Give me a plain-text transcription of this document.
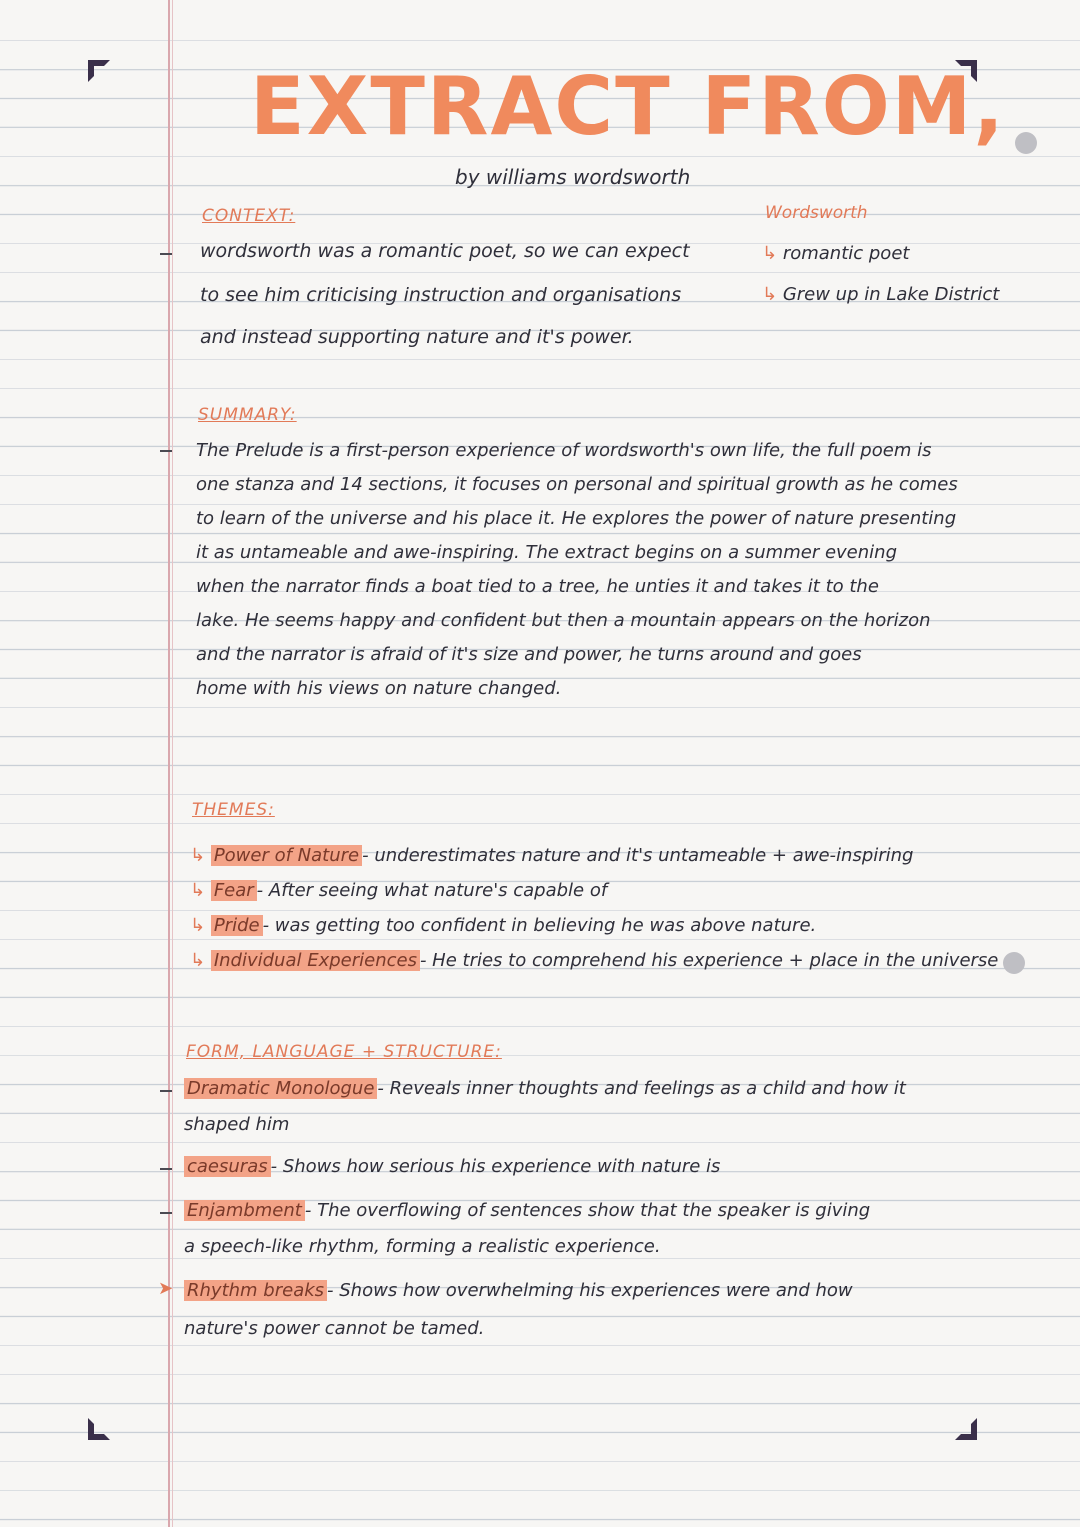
EXTRACT FROM,
by williams wordsworth
CONTEXT:
wordsworth was a romantic poet, so we can expect
to see him criticising instruction and organisations
and instead supporting nature and it's power.
Wordsworth
↳ romantic poet
↳ Grew up in Lake District
SUMMARY:
The Prelude is a first-person experience of wordsworth's own life, the full poem is
one stanza and 14 sections, it focuses on personal and spiritual growth as he comes
to learn of the universe and his place it. He explores the power of nature presenting
it as untameable and awe-inspiring. The extract begins on a summer evening
when the narrator finds a boat tied to a tree, he unties it and takes it to the
lake. He seems happy and confident but then a mountain appears on the horizon
and the narrator is afraid of it's size and power, he turns around and goes
home with his views on nature changed.
THEMES:
↳ Power of Nature - underestimates nature and it's untameable + awe-inspiring
↳ Fear - After seeing what nature's capable of
↳ Pride - was getting too confident in believing he was above nature.
↳ Individual Experiences - He tries to comprehend his experience + place in the universe
FORM, LANGUAGE + STRUCTURE:
Dramatic Monologue - Reveals inner thoughts and feelings as a child and how it
shaped him
caesuras - Shows how serious his experience with nature is
Enjambment - The overflowing of sentences show that the speaker is giving
a speech-like rhythm, forming a realistic experience.
➤ Rhythm breaks - Shows how overwhelming his experiences were and how
nature's power cannot be tamed.
